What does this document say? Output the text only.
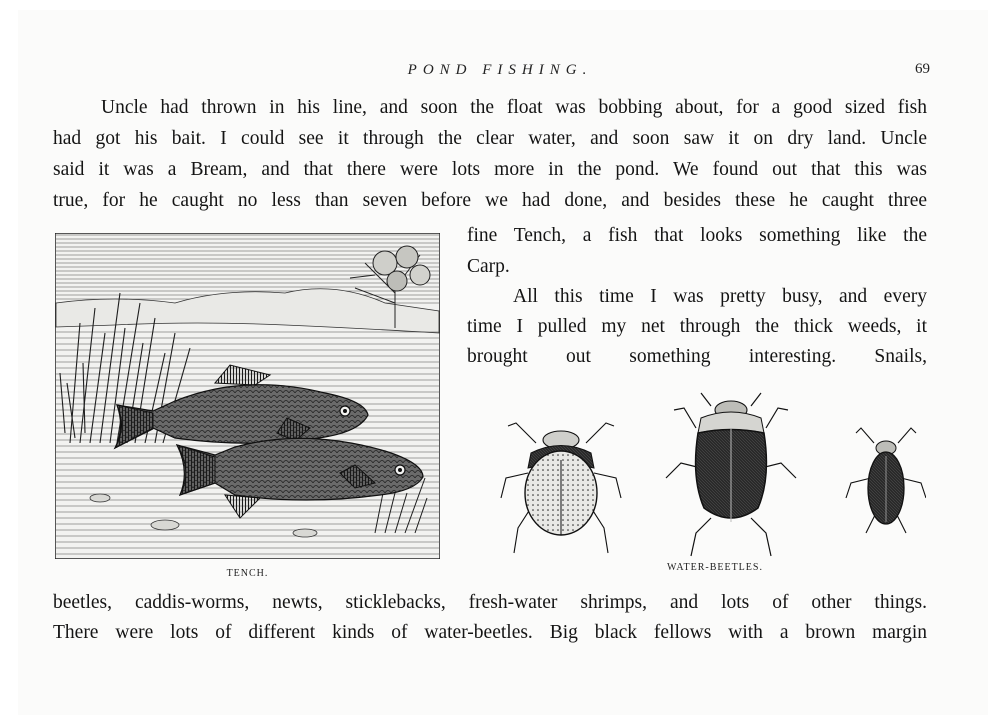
POND FISHING.	69
Uncle had thrown in his line, and soon the float was bobbing about, for a good sized fish
had got his bait. I could see it through the clear water, and soon saw it on dry land. Uncle
said it was a Bream, and that there were lots more in the pond. We found out that this was
true, for he caught no less than seven before we had done, and besides these he caught three
fine Tench, a fish that looks something like the
Carp.
All this time I was pretty busy, and every
time I pulled my net through the thick weeds, it
brought out something interesting. Snails,
TENCH.
WATER-BEETLES.
beetles, caddis-worms, newts, sticklebacks, fresh-water shrimps, and lots of other things.
There were lots of different kinds of water-beetles. Big black fellows with a brown margin
